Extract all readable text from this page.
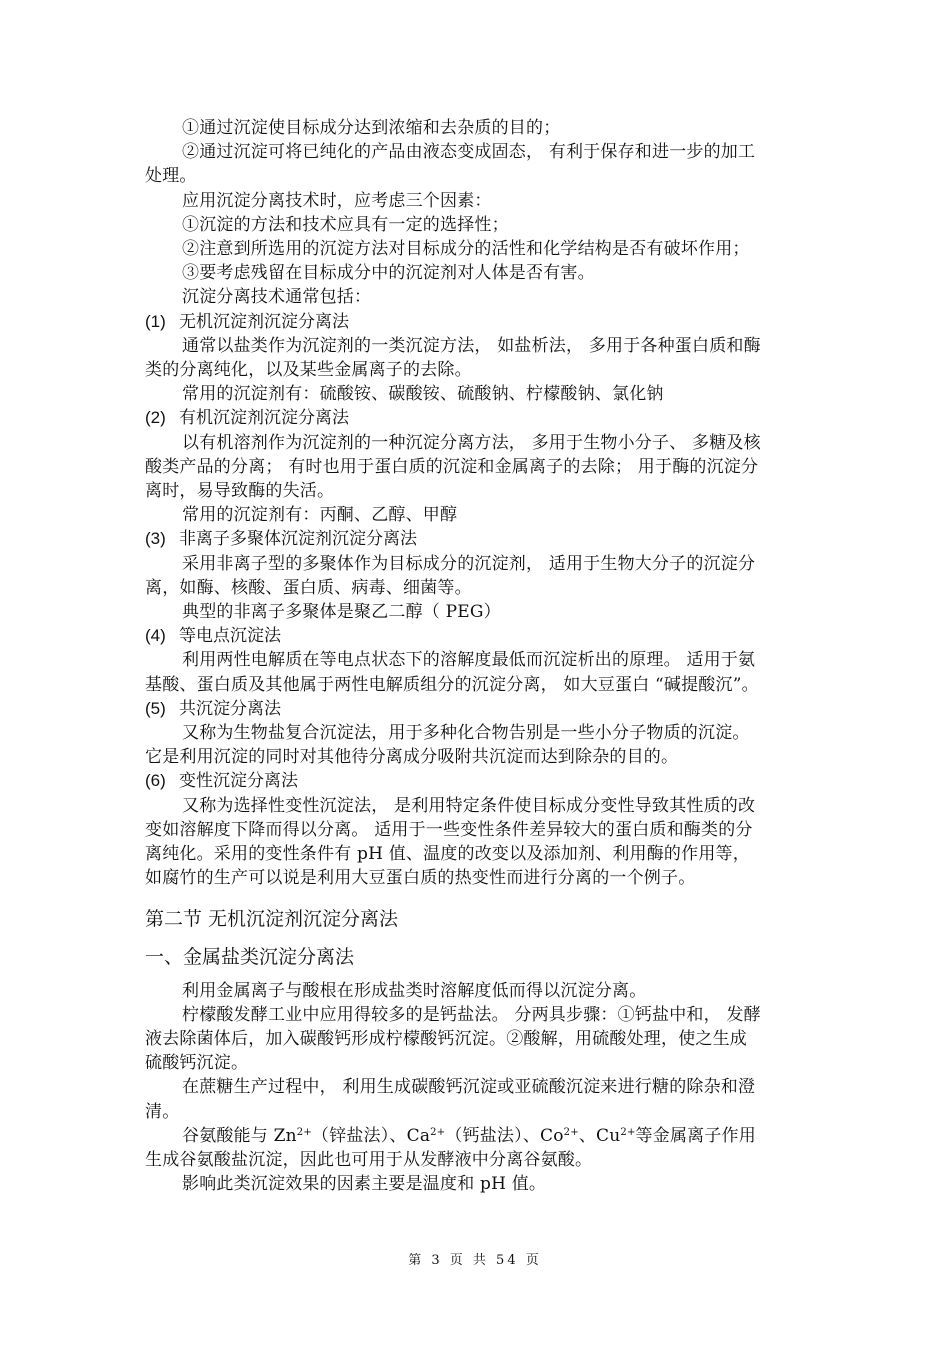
①通过沉淀使目标成分达到浓缩和去杂质的目的；
②通过沉淀可将已纯化的产品由液态变成固态， 有利于保存和进一步的加工
处理。
应用沉淀分离技术时，应考虑三个因素：
①沉淀的方法和技术应具有一定的选择性；
②注意到所选用的沉淀方法对目标成分的活性和化学结构是否有破坏作用；
③要考虑残留在目标成分中的沉淀剂对人体是否有害。
沉淀分离技术通常包括：
(1) 无机沉淀剂沉淀分离法
通常以盐类作为沉淀剂的一类沉淀方法， 如盐析法， 多用于各种蛋白质和酶
类的分离纯化，以及某些金属离子的去除。
常用的沉淀剂有：硫酸铵、碳酸铵、硫酸钠、柠檬酸钠、氯化钠
(2) 有机沉淀剂沉淀分离法
以有机溶剂作为沉淀剂的一种沉淀分离方法， 多用于生物小分子、 多糖及核
酸类产品的分离； 有时也用于蛋白质的沉淀和金属离子的去除； 用于酶的沉淀分
离时，易导致酶的失活。
常用的沉淀剂有：丙酮、乙醇、甲醇
(3) 非离子多聚体沉淀剂沉淀分离法
采用非离子型的多聚体作为目标成分的沉淀剂， 适用于生物大分子的沉淀分
离，如酶、核酸、蛋白质、病毒、细菌等。
典型的非离子多聚体是聚乙二醇（ PEG）
(4) 等电点沉淀法
利用两性电解质在等电点状态下的溶解度最低而沉淀析出的原理。 适用于氨
基酸、蛋白质及其他属于两性电解质组分的沉淀分离， 如大豆蛋白 “碱提酸沉”。
(5) 共沉淀分离法
又称为生物盐复合沉淀法，用于多种化合物告别是一些小分子物质的沉淀。
它是利用沉淀的同时对其他待分离成分吸附共沉淀而达到除杂的目的。
(6) 变性沉淀分离法
又称为选择性变性沉淀法， 是利用特定条件使目标成分变性导致其性质的改
变如溶解度下降而得以分离。 适用于一些变性条件差异较大的蛋白质和酶类的分
离纯化。采用的变性条件有 pH 值、温度的改变以及添加剂、利用酶的作用等，
如腐竹的生产可以说是利用大豆蛋白质的热变性而进行分离的一个例子。
第二节 无机沉淀剂沉淀分离法
一、金属盐类沉淀分离法
利用金属离子与酸根在形成盐类时溶解度低而得以沉淀分离。
柠檬酸发酵工业中应用得较多的是钙盐法。 分两具步骤：①钙盐中和， 发酵
液去除菌体后，加入碳酸钙形成柠檬酸钙沉淀。②酸解，用硫酸处理，使之生成
硫酸钙沉淀。
在蔗糖生产过程中， 利用生成碳酸钙沉淀或亚硫酸沉淀来进行糖的除杂和澄
清。
谷氨酸能与 $Zn^{2+}$（锌盐法）、$Ca^{2+}$（钙盐法）、$Co^{2+}$、$Cu^{2+}$等金属离子作用
生成谷氨酸盐沉淀，因此也可用于从发酵液中分离谷氨酸。
影响此类沉淀效果的因素主要是温度和 pH 值。
第 3 页 共 54 页
